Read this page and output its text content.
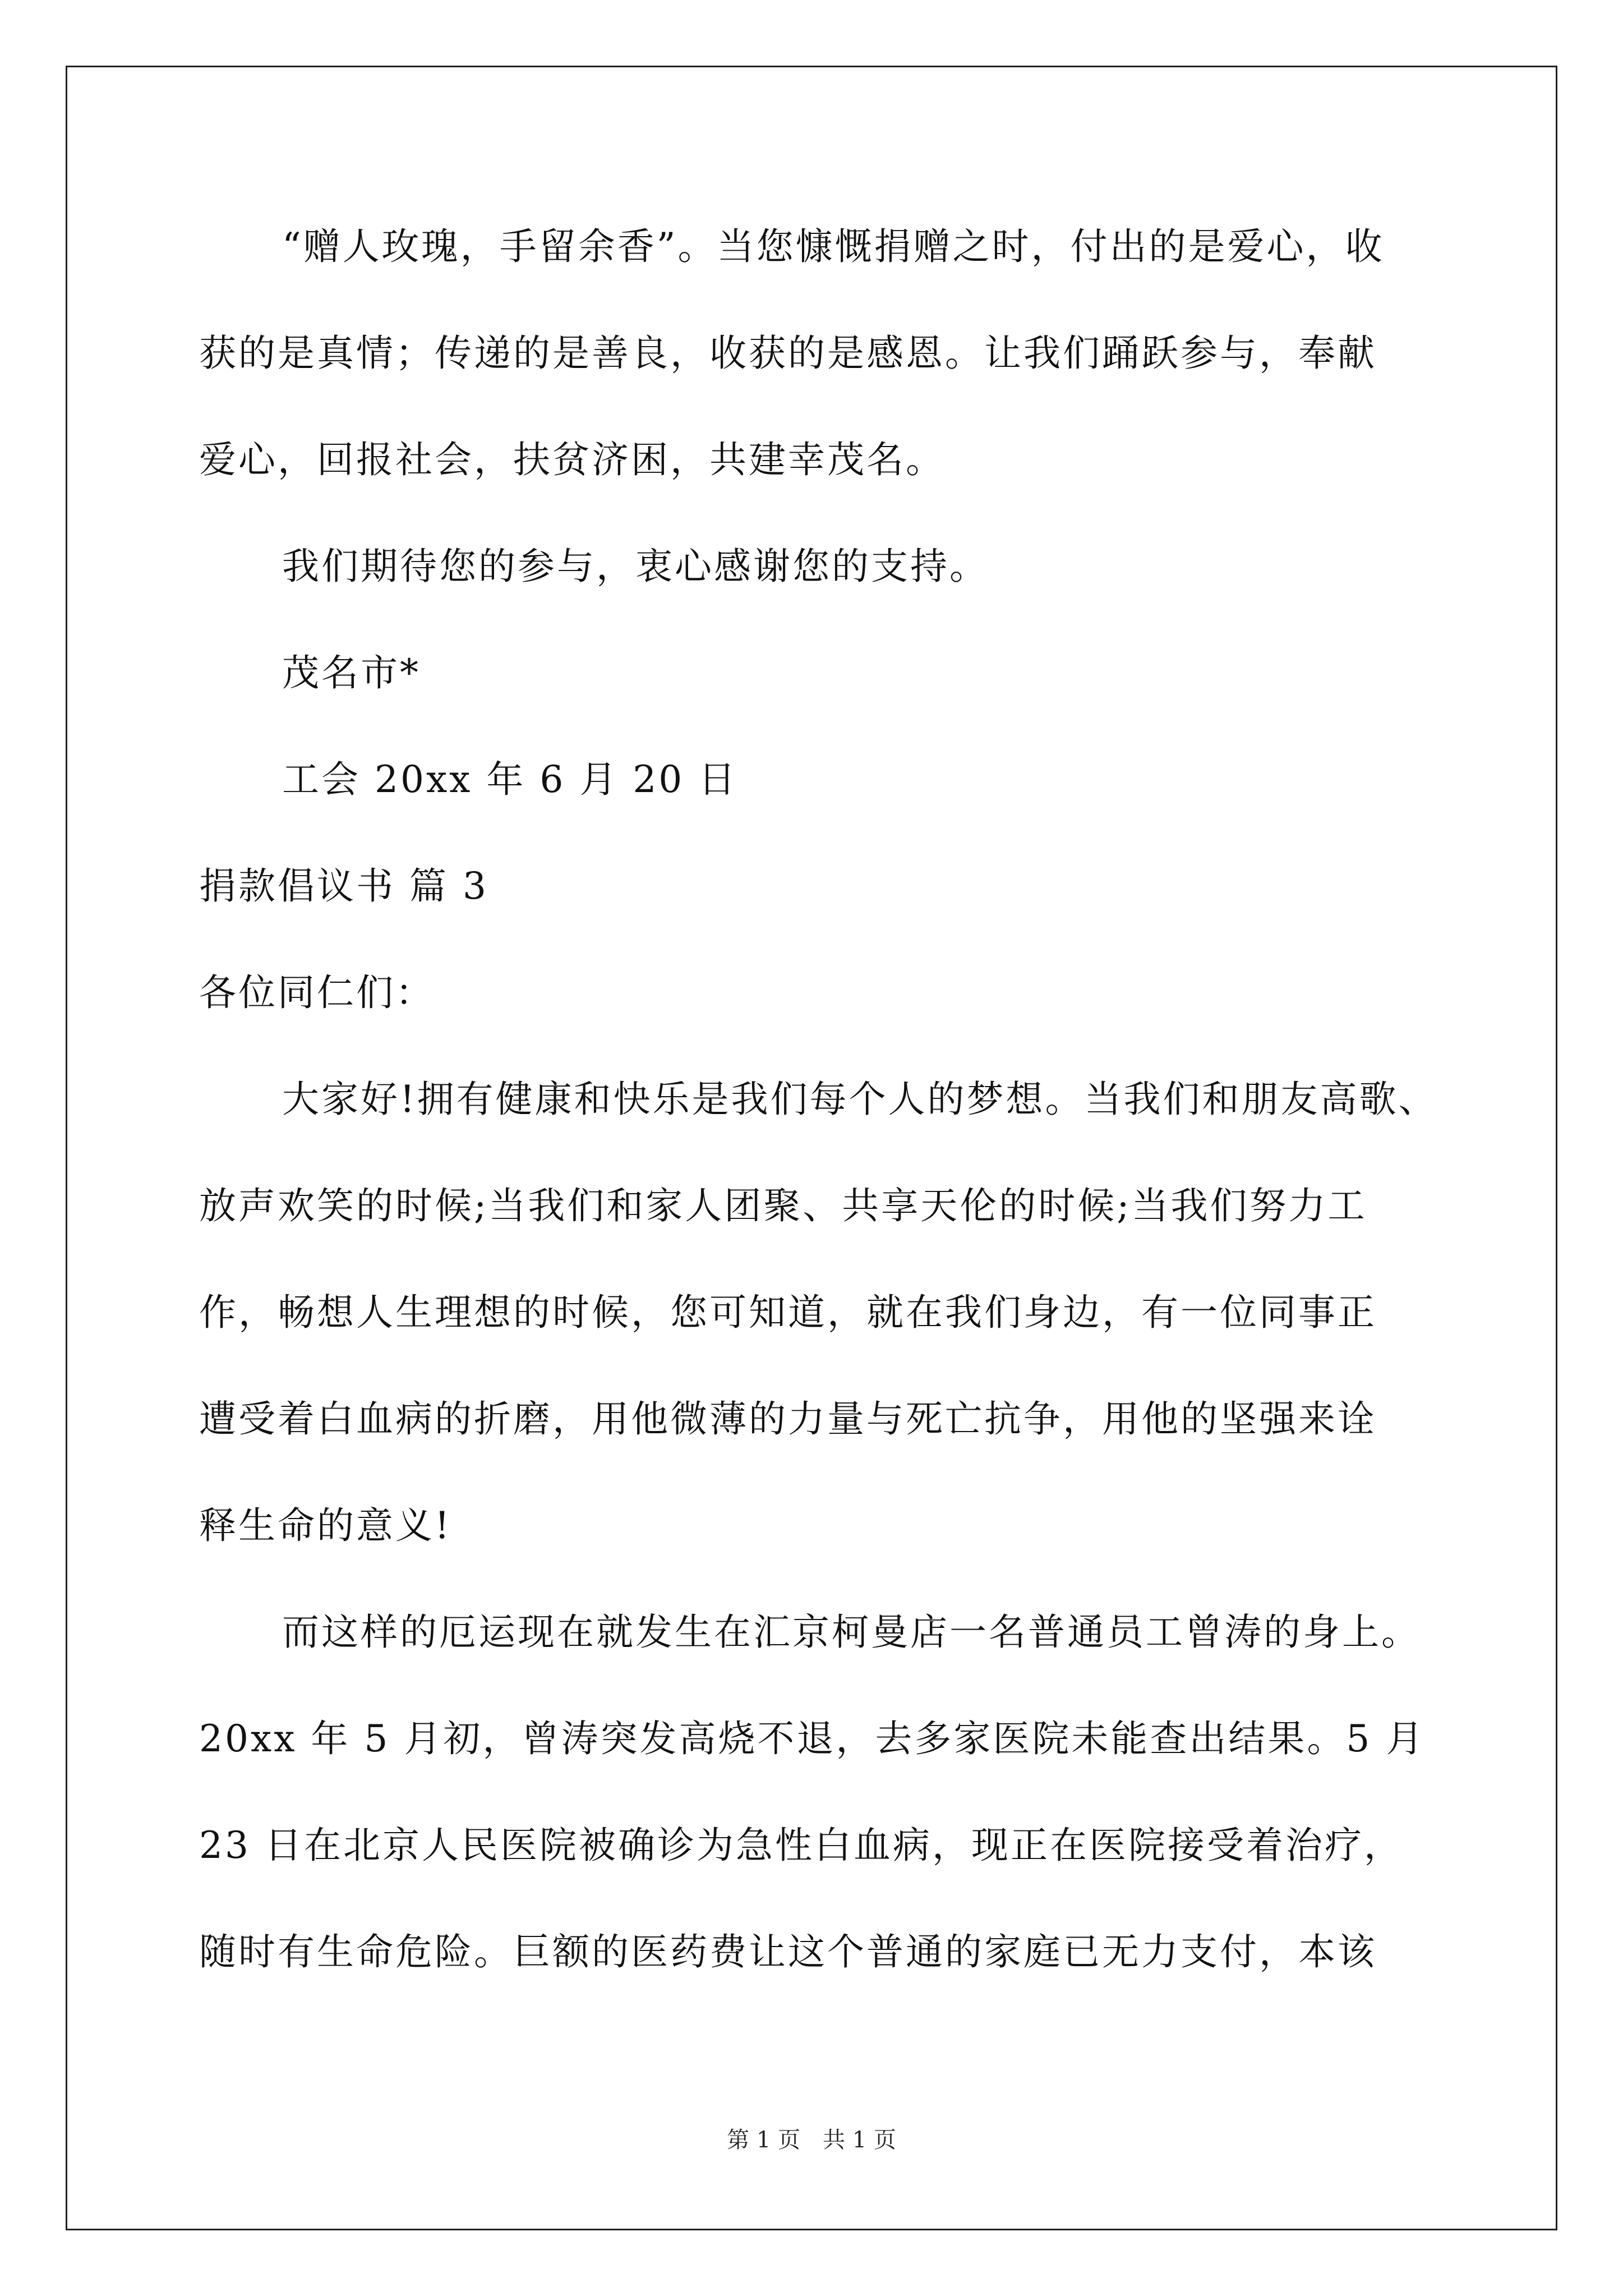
“赠人玫瑰，手留余香”。当您慷慨捐赠之时，付出的是爱心，收
获的是真情；传递的是善良，收获的是感恩。让我们踊跃参与，奉献
爱心，回报社会，扶贫济困，共建幸茂名。
我们期待您的参与，衷心感谢您的支持。
茂名市*
工会 20xx 年 6 月 20 日
捐款倡议书 篇 3
各位同仁们：
大家好!拥有健康和快乐是我们每个人的梦想。当我们和朋友高歌、
放声欢笑的时候;当我们和家人团聚、共享天伦的时候;当我们努力工
作，畅想人生理想的时候，您可知道，就在我们身边，有一位同事正
遭受着白血病的折磨，用他微薄的力量与死亡抗争，用他的坚强来诠
释生命的意义!
而这样的厄运现在就发生在汇京柯曼店一名普通员工曾涛的身上。
20xx 年 5 月初，曾涛突发高烧不退，去多家医院未能查出结果。5 月
23 日在北京人民医院被确诊为急性白血病，现正在医院接受着治疗，
随时有生命危险。巨额的医药费让这个普通的家庭已无力支付，本该
第 1 页　共 1 页
